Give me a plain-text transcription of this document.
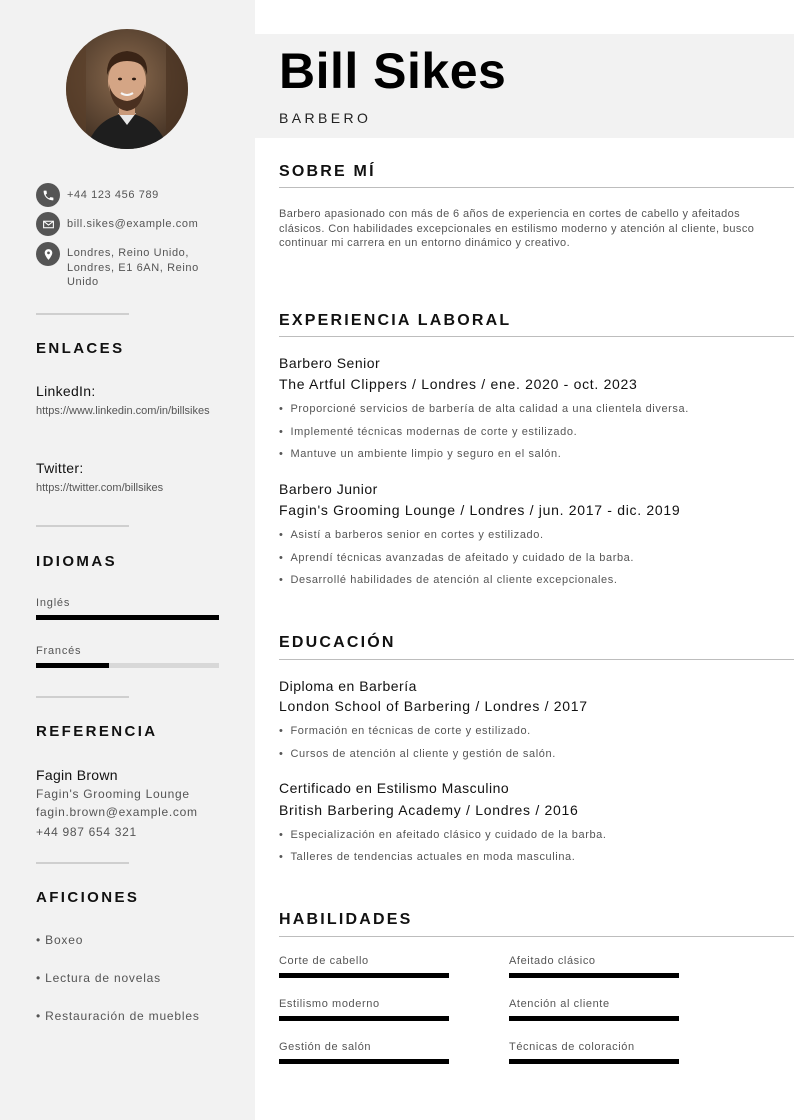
+44 123 456 789
bill.sikes@example.com
Londres, Reino Unido, Londres, E1 6AN, Reino Unido
ENLACES
LinkedIn:
https://www.linkedin.com/in/billsikes
Twitter:
https://twitter.com/billsikes
IDIOMAS
Inglés
Francés
REFERENCIA
Fagin Brown
Fagin's Grooming Lounge
fagin.brown@example.com
+44 987 654 321
AFICIONES
• Boxeo
• Lectura de novelas
• Restauración de muebles
Bill Sikes
BARBERO
SOBRE MÍ
Barbero apasionado con más de 6 años de experiencia en cortes de cabello y afeitados clásicos. Con habilidades excepcionales en estilismo moderno y atención al cliente, busco continuar mi carrera en un entorno dinámico y creativo.
EXPERIENCIA LABORAL
Barbero Senior
The Artful Clippers / Londres / ene. 2020 - oct. 2023
• Proporcioné servicios de barbería de alta calidad a una clientela diversa.
• Implementé técnicas modernas de corte y estilizado.
• Mantuve un ambiente limpio y seguro en el salón.
Barbero Junior
Fagin's Grooming Lounge / Londres / jun. 2017 - dic. 2019
• Asistí a barberos senior en cortes y estilizado.
• Aprendí técnicas avanzadas de afeitado y cuidado de la barba.
• Desarrollé habilidades de atención al cliente excepcionales.
EDUCACIÓN
Diploma en Barbería
London School of Barbering / Londres / 2017
• Formación en técnicas de corte y estilizado.
• Cursos de atención al cliente y gestión de salón.
Certificado en Estilismo Masculino
British Barbering Academy / Londres / 2016
• Especialización en afeitado clásico y cuidado de la barba.
• Talleres de tendencias actuales en moda masculina.
HABILIDADES
Corte de cabello	Afeitado clásico
Estilismo moderno	Atención al cliente
Gestión de salón	Técnicas de coloración
